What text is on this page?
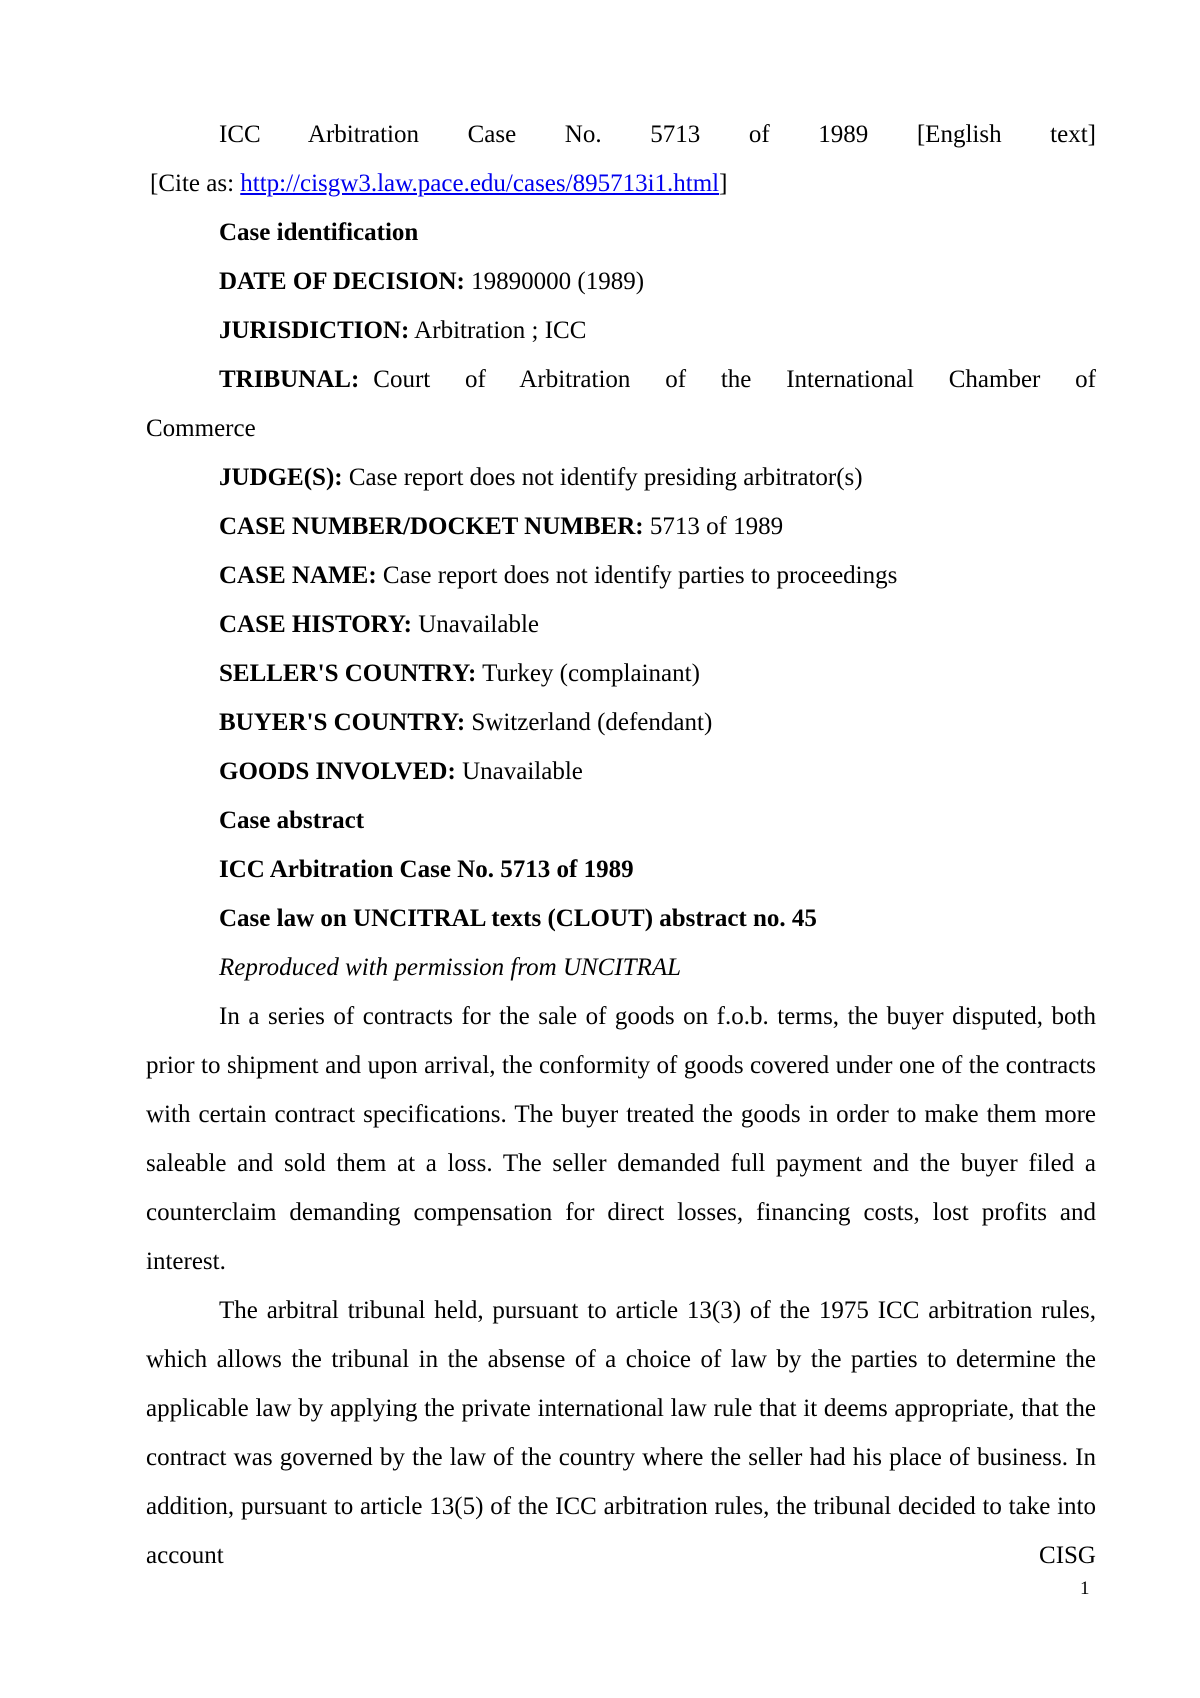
ICC Arbitration Case No. 5713 of 1989 [English text]
[Cite as: http://cisgw3.law.pace.edu/cases/895713i1.html]
Case identification
DATE OF DECISION: 19890000 (1989)
JURISDICTION: Arbitration ; ICC
TRIBUNAL: Court of Arbitration of the International Chamber of
Commerce
JUDGE(S): Case report does not identify presiding arbitrator(s)
CASE NUMBER/DOCKET NUMBER: 5713 of 1989
CASE NAME: Case report does not identify parties to proceedings
CASE HISTORY: Unavailable
SELLER'S COUNTRY: Turkey (complainant)
BUYER'S COUNTRY: Switzerland (defendant)
GOODS INVOLVED: Unavailable
Case abstract
ICC Arbitration Case No. 5713 of 1989
Case law on UNCITRAL texts (CLOUT) abstract no. 45
Reproduced with permission from UNCITRAL

In a series of contracts for the sale of goods on f.o.b. terms, the buyer disputed, both prior to shipment and upon arrival, the conformity of goods covered under one of the contracts with certain contract specifications. The buyer treated the goods in order to make them more saleable and sold them at a loss. The seller demanded full payment and the buyer filed a counterclaim demanding compensation for direct losses, financing costs, lost profits and interest.

The arbitral tribunal held, pursuant to article 13(3) of the 1975 ICC arbitration rules, which allows the tribunal in the absense of a choice of law by the parties to determine the applicable law by applying the private international law rule that it deems appropriate, that the contract was governed by the law of the country where the seller had his place of business. In addition, pursuant to article 13(5) of the ICC arbitration rules, the tribunal decided to take into account CISG

1
